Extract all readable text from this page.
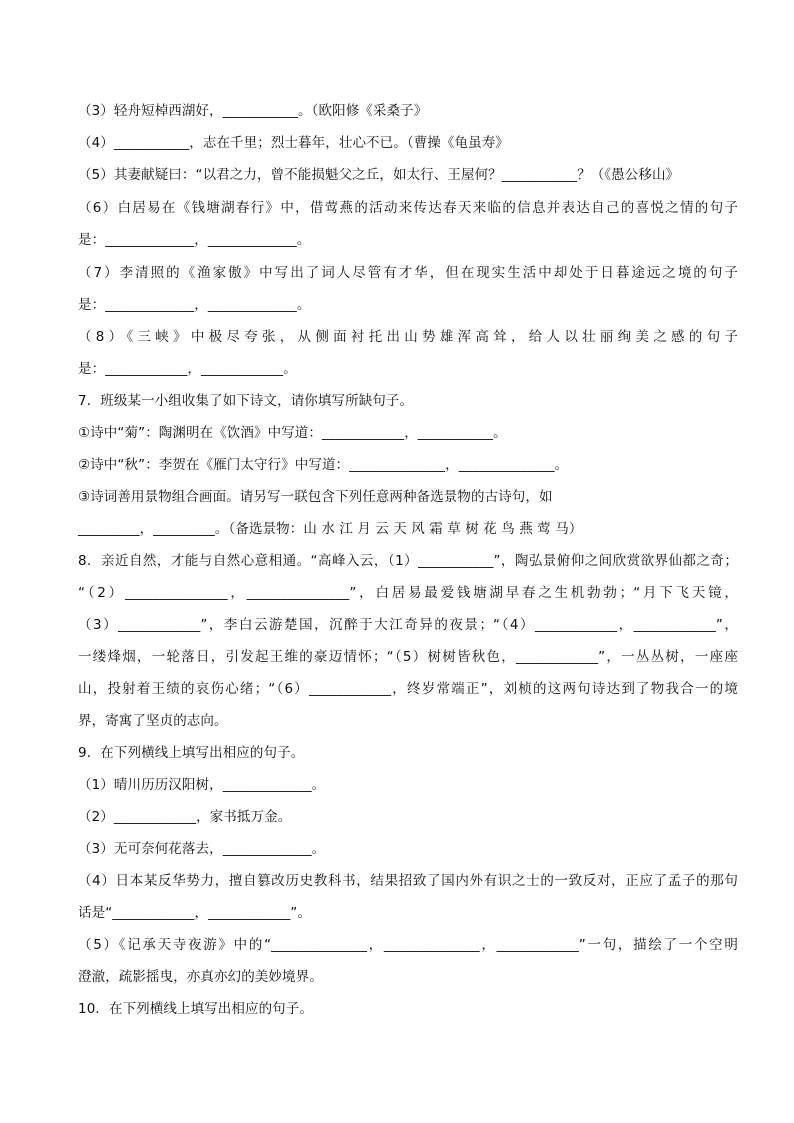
（3）轻舟短棹西湖好，___________。（欧阳修《采桑子》
（4）___________，志在千里；烈士暮年，壮心不已。（曹操《龟虽寿》
（5）其妻献疑曰：“以君之力，曾不能损魁父之丘，如太行、王屋何？___________？（《愚公移山》
（6）白居易在《钱塘湖春行》中，借莺燕的活动来传达春天来临的信息并表达自己的喜悦之情的句子
是：_____________，_____________。
（7）李清照的《渔家傲》中写出了词人尽管有才华，但在现实生活中却处于日暮途远之境的句子
是：_____________，_____________。
（8）《三峡》中极尽夸张，从侧面衬托出山势雄浑高耸，给人以壮丽绚美之感的句子
是：____________，____________。
7．班级某一小组收集了如下诗文，请你填写所缺句子。
①诗中“菊”：陶渊明在《饮酒》中写道：____________，___________。
②诗中“秋”：李贺在《雁门太守行》中写道：______________，______________。
③诗词善用景物组合画面。请另写一联包含下列任意两种备选景物的古诗句，如
_________，_________。（备选景物：山 水 江 月 云 天 风 霜 草 树 花 鸟 燕 莺 马）
8．亲近自然，才能与自然心意相通。“高峰入云，（1）___________”，陶弘景俯仰之间欣赏欲界仙都之奇；
“（2）_______________，_______________”，白居易最爱钱塘湖早春之生机勃勃；“月下飞天镜，
（3）____________”，李白云游楚国，沉醉于大江奇异的夜景；“（4）____________，____________”，
一缕烽烟，一轮落日，引发起王维的豪迈情怀；“（5）树树皆秋色，____________”，一丛丛树，一座座
山，投射着王绩的哀伤心绪；“（6）____________，终岁常端正”，刘桢的这两句诗达到了物我合一的境
界，寄寓了坚贞的志向。
9．在下列横线上填写出相应的句子。
（1）晴川历历汉阳树，_____________。
（2）____________，家书抵万金。
（3）无可奈何花落去，_____________。
（4）日本某反华势力，擅自篡改历史教科书，结果招致了国内外有识之士的一致反对，正应了孟子的那句
话是“____________，____________”。
（5）《记承天寺夜游》中的“______________，______________，____________”一句，描绘了一个空明
澄澈，疏影摇曳，亦真亦幻的美妙境界。
10．在下列横线上填写出相应的句子。
